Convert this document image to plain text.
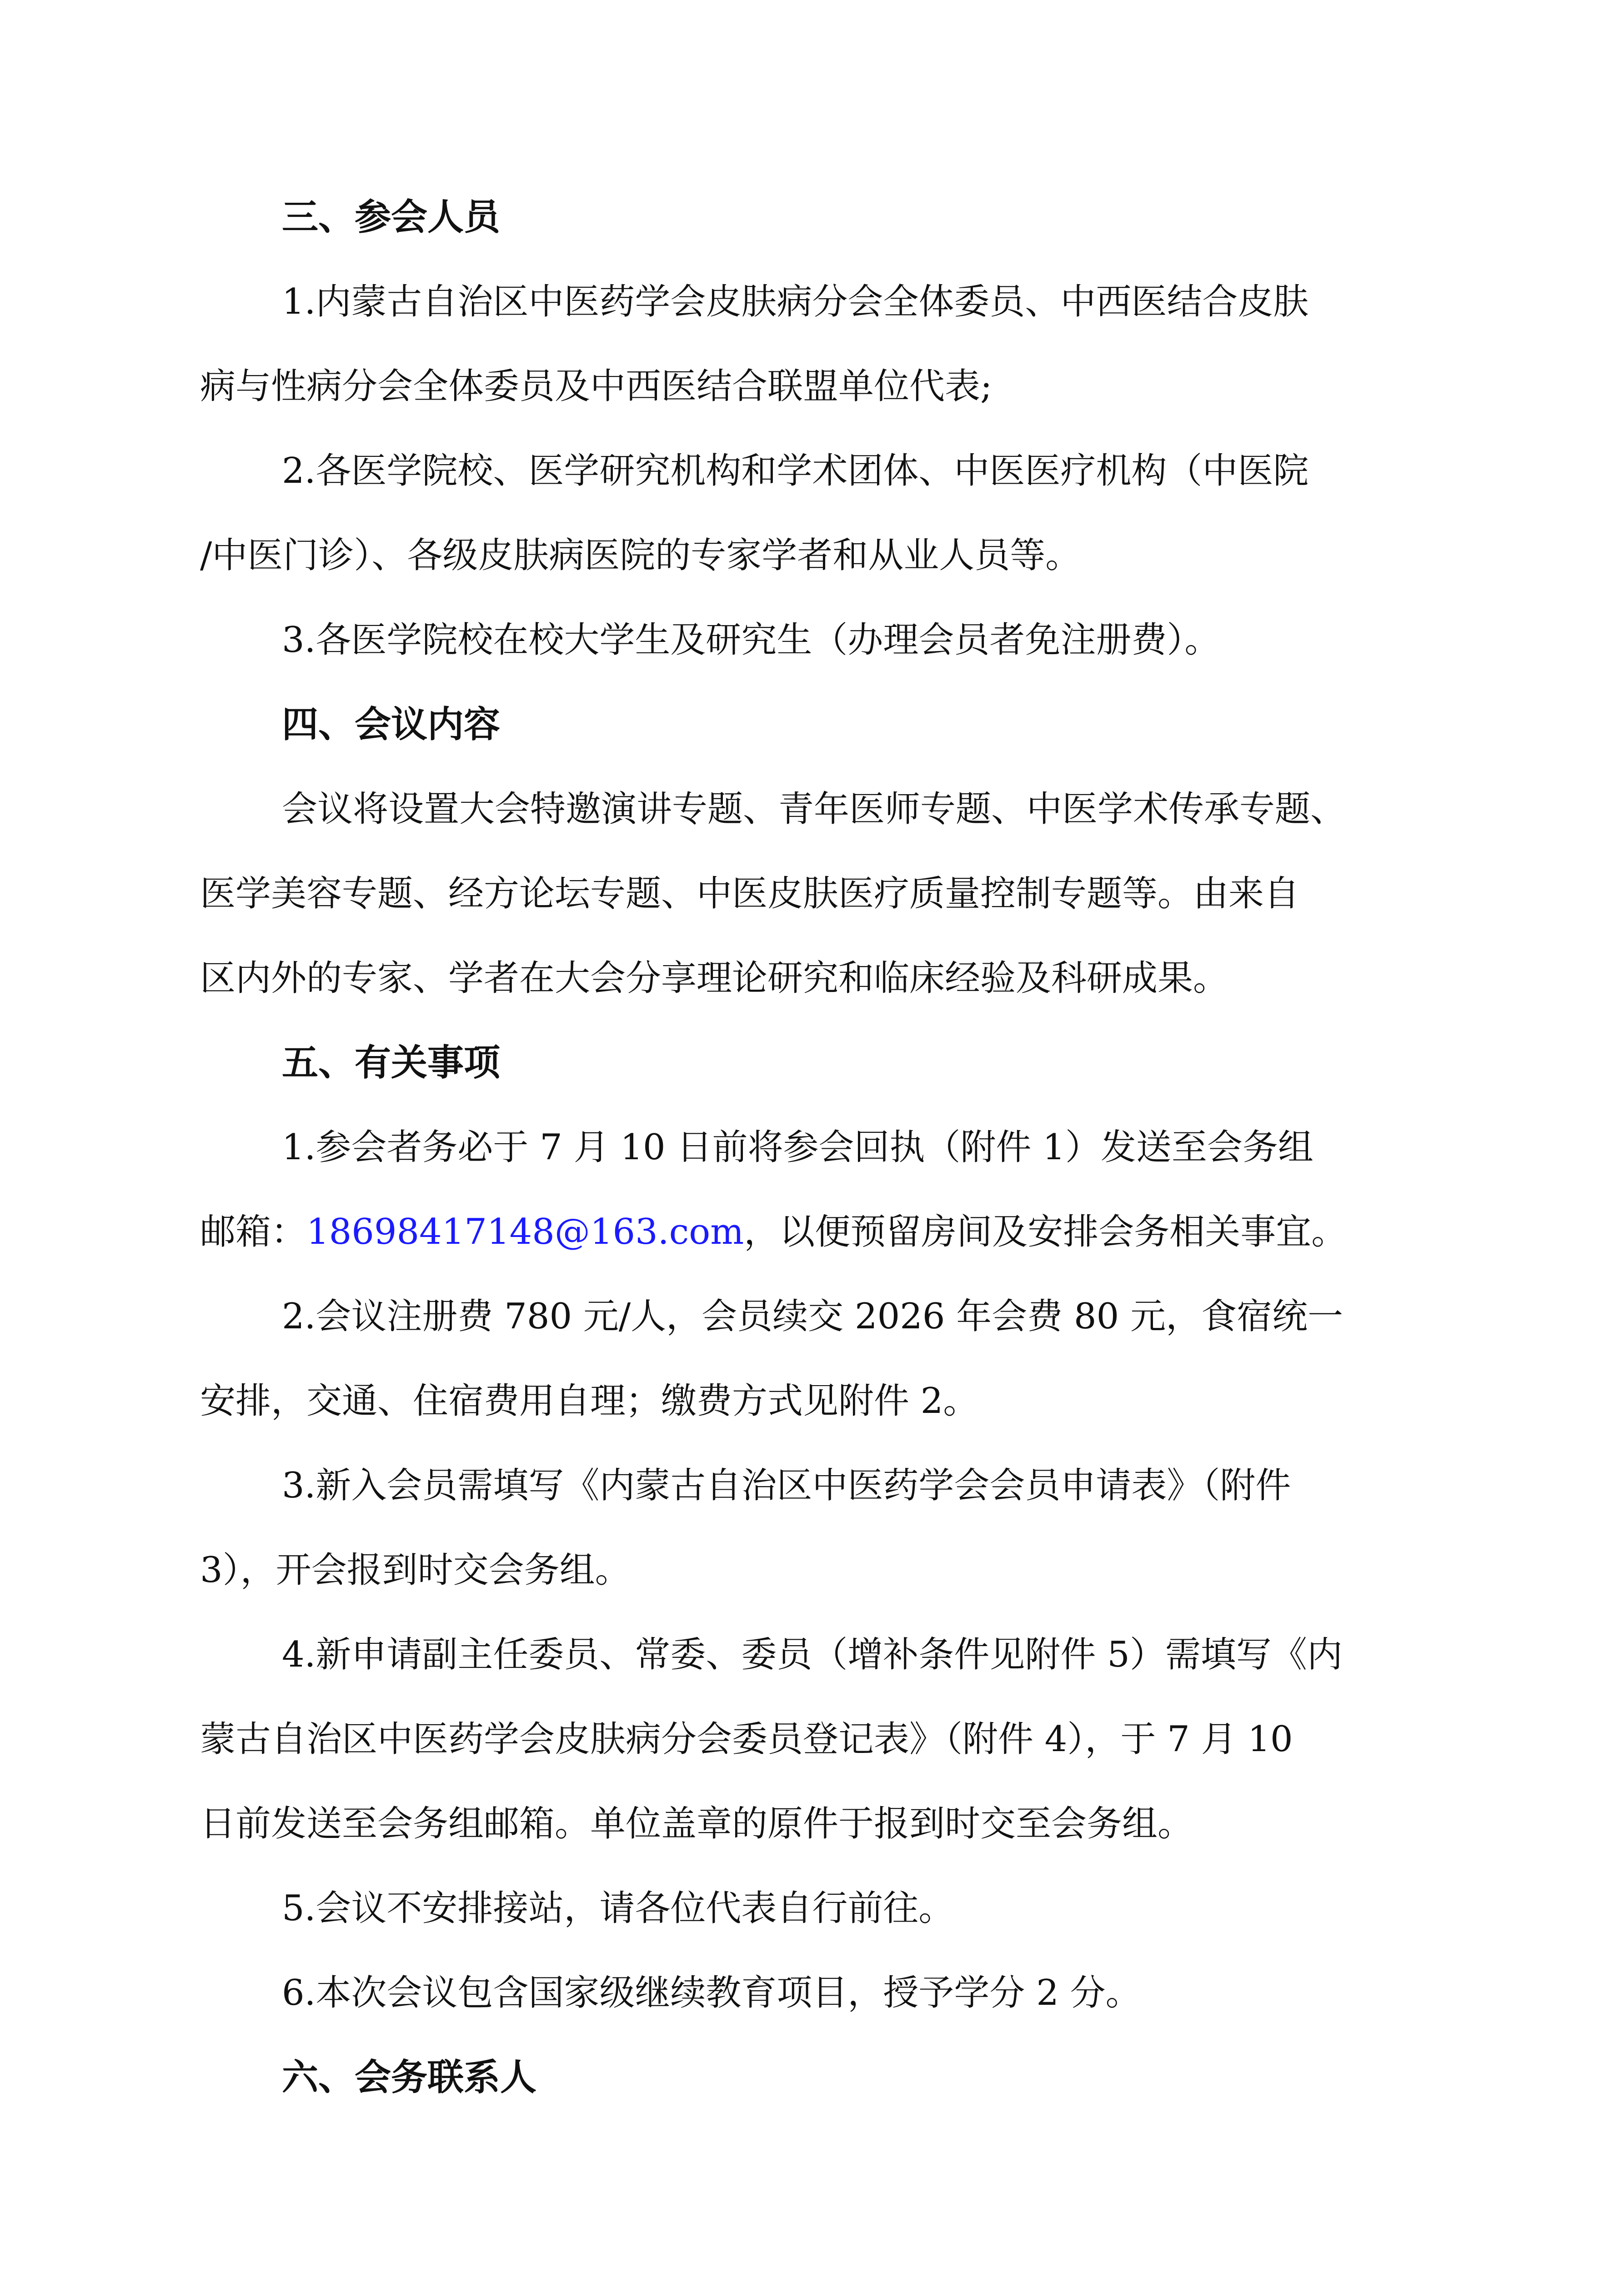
三、参会人员
1.内蒙古自治区中医药学会皮肤病分会全体委员、中西医结合皮肤
病与性病分会全体委员及中西医结合联盟单位代表;
2.各医学院校、医学研究机构和学术团体、中医医疗机构（中医院
/中医门诊）、各级皮肤病医院的专家学者和从业人员等。
3.各医学院校在校大学生及研究生（办理会员者免注册费）。
四、会议内容
会议将设置大会特邀演讲专题、青年医师专题、中医学术传承专题、
医学美容专题、经方论坛专题、中医皮肤医疗质量控制专题等。由来自
区内外的专家、学者在大会分享理论研究和临床经验及科研成果。
五、有关事项
1.参会者务必于 7 月 10 日前将参会回执（附件 1）发送至会务组
邮箱：18698417148@163.com，以便预留房间及安排会务相关事宜。
2.会议注册费 780 元/人，会员续交 2026 年会费 80 元，食宿统一
安排，交通、住宿费用自理；缴费方式见附件 2。
3.新入会员需填写《内蒙古自治区中医药学会会员申请表》（附件
3），开会报到时交会务组。
4.新申请副主任委员、常委、委员（增补条件见附件 5）需填写《内
蒙古自治区中医药学会皮肤病分会委员登记表》（附件 4），于 7 月 10
日前发送至会务组邮箱。单位盖章的原件于报到时交至会务组。
5.会议不安排接站，请各位代表自行前往。
6.本次会议包含国家级继续教育项目，授予学分 2 分。
六、会务联系人
